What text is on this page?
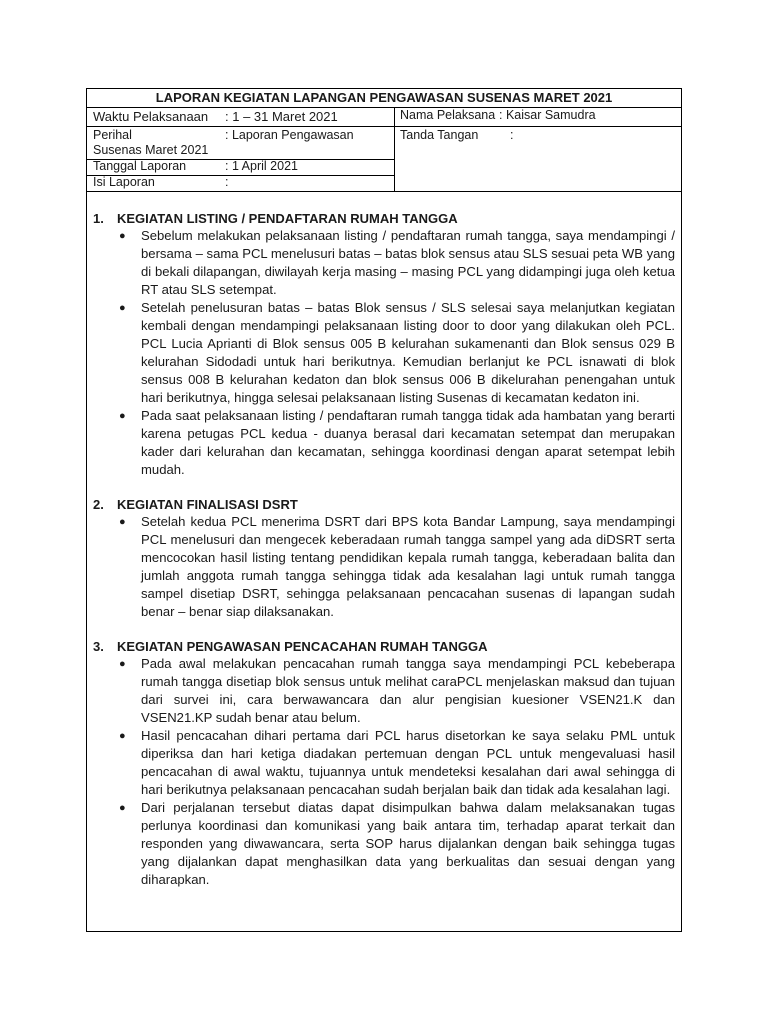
LAPORAN KEGIATAN LAPANGAN PENGAWASAN SUSENAS MARET 2021
Waktu Pelaksanaan : 1 – 31 Maret 2021
Perihal	: Laporan Pengawasan
Susenas Maret 2021
Tanggal Laporan	: 1 April 2021
Isi Laporan	:
Nama Pelaksana : Kaisar Samudra
Tanda Tangan	:
1. KEGIATAN LISTING / PENDAFTARAN RUMAH TANGGA
● Sebelum melakukan pelaksanaan listing / pendaftaran rumah tangga, saya mendampingi / bersama – sama PCL menelusuri batas – batas blok sensus atau SLS sesuai peta WB yang di bekali dilapangan, diwilayah kerja masing – masing PCL yang didampingi juga oleh ketua RT atau SLS setempat.
● Setelah penelusuran batas – batas Blok sensus / SLS selesai saya melanjutkan kegiatan kembali dengan mendampingi pelaksanaan listing door to door yang dilakukan oleh PCL. PCL Lucia Aprianti di Blok sensus 005 B kelurahan sukamenanti dan Blok sensus 029 B kelurahan Sidodadi untuk hari berikutnya. Kemudian berlanjut ke PCL isnawati di blok sensus 008 B kelurahan kedaton dan blok sensus 006 B dikelurahan penengahan untuk hari berikutnya, hingga selesai pelaksanaan listing Susenas di kecamatan kedaton ini.
● Pada saat pelaksanaan listing / pendaftaran rumah tangga tidak ada hambatan yang berarti karena petugas PCL kedua - duanya berasal dari kecamatan setempat dan merupakan kader dari kelurahan dan kecamatan, sehingga koordinasi dengan aparat setempat lebih mudah.
2. KEGIATAN FINALISASI DSRT
● Setelah kedua PCL menerima DSRT dari BPS kota Bandar Lampung, saya mendampingi PCL menelusuri dan mengecek keberadaan rumah tangga sampel yang ada diDSRT serta mencocokan hasil listing tentang pendidikan kepala rumah tangga, keberadaan balita dan jumlah anggota rumah tangga sehingga tidak ada kesalahan lagi untuk rumah tangga sampel disetiap DSRT, sehingga pelaksanaan pencacahan susenas di lapangan sudah benar – benar siap dilaksanakan.
3. KEGIATAN PENGAWASAN PENCACAHAN RUMAH TANGGA
● Pada awal melakukan pencacahan rumah tangga saya mendampingi PCL kebeberapa rumah tangga disetiap blok sensus untuk melihat caraPCL menjelaskan maksud dan tujuan dari survei ini, cara berwawancara dan alur pengisian kuesioner VSEN21.K dan VSEN21.KP sudah benar atau belum.
● Hasil pencacahan dihari pertama dari PCL harus disetorkan ke saya selaku PML untuk diperiksa dan hari ketiga diadakan pertemuan dengan PCL untuk mengevaluasi hasil pencacahan di awal waktu, tujuannya untuk mendeteksi kesalahan dari awal sehingga di hari berikutnya pelaksanaan pencacahan sudah berjalan baik dan tidak ada kesalahan lagi.
● Dari perjalanan tersebut diatas dapat disimpulkan bahwa dalam melaksanakan tugas perlunya koordinasi dan komunikasi yang baik antara tim, terhadap aparat terkait dan responden yang diwawancara, serta SOP harus dijalankan dengan baik sehingga tugas yang dijalankan dapat menghasilkan data yang berkualitas dan sesuai dengan yang diharapkan.
